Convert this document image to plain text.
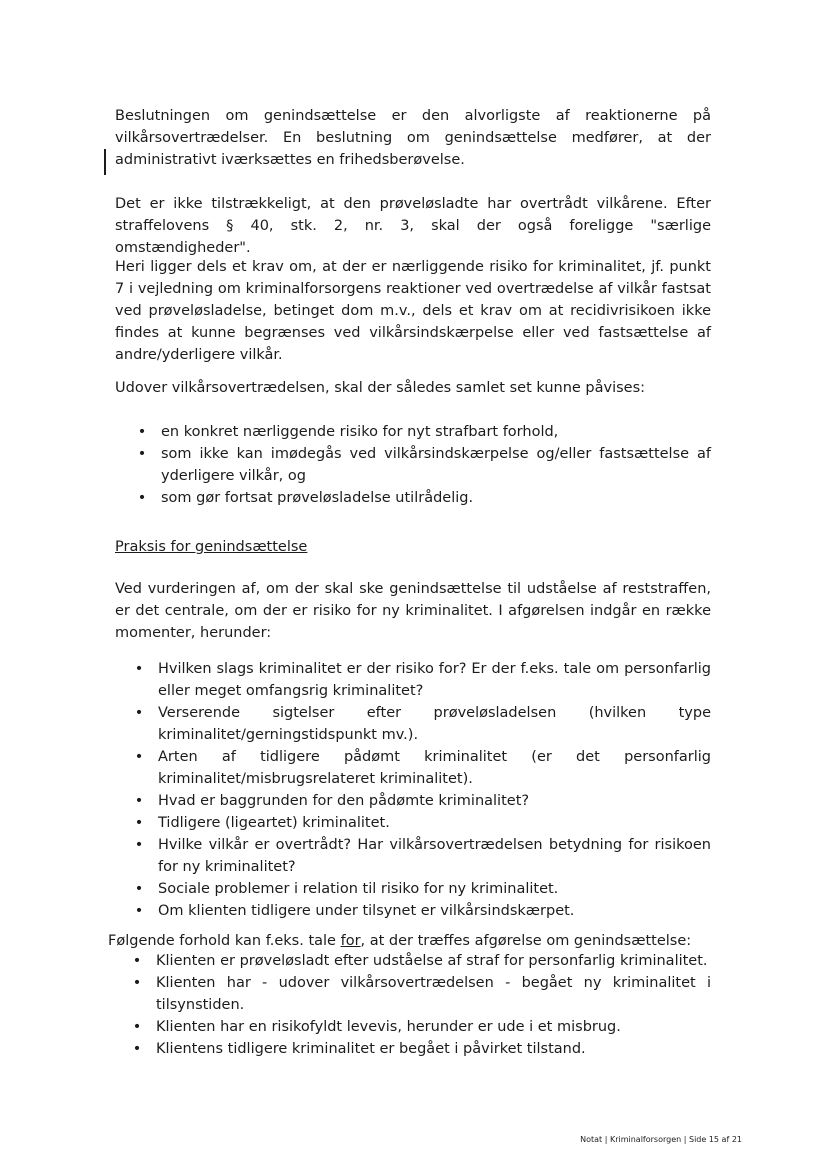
Beslutningen om genindsættelse er den alvorligste af reaktionerne på vilkårsovertrædelser. En beslutning om genindsættelse medfører, at der administrativt iværksættes en frihedsberøvelse.

Det er ikke tilstrækkeligt, at den prøveløsladte har overtrådt vilkårene. Efter straffelovens § 40, stk. 2, nr. 3, skal der også foreligge "særlige omstændigheder".

Heri ligger dels et krav om, at der er nærliggende risiko for kriminalitet, jf. punkt 7 i vejledning om kriminalforsorgens reaktioner ved overtrædelse af vilkår fastsat ved prøveløsladelse, betinget dom m.v., dels et krav om at recidivrisikoen ikke findes at kunne begrænses ved vilkårsindskærpelse eller ved fastsættelse af andre/yderligere vilkår.

Udover vilkårsovertrædelsen, skal der således samlet set kunne påvises:

• en konkret nærliggende risiko for nyt strafbart forhold,
• som ikke kan imødegås ved vilkårsindskærpelse og/eller fastsættelse af yderligere vilkår, og
• som gør fortsat prøveløsladelse utilrådelig.
Praksis for genindsættelse

Ved vurderingen af, om der skal ske genindsættelse til udståelse af reststraffen, er det centrale, om der er risiko for ny kriminalitet. I afgørelsen indgår en række momenter, herunder:

• Hvilken slags kriminalitet er der risiko for? Er der f.eks. tale om personfarlig eller meget omfangsrig kriminalitet?
• Verserende sigtelser efter prøveløsladelsen (hvilken type kriminalitet/gerningstidspunkt mv.).
• Arten af tidligere pådømt kriminalitet (er det personfarlig kriminalitet/misbrugsrelateret kriminalitet).
• Hvad er baggrunden for den pådømte kriminalitet?
• Tidligere (ligeartet) kriminalitet.
• Hvilke vilkår er overtrådt? Har vilkårsovertrædelsen betydning for risikoen for ny kriminalitet?
• Sociale problemer i relation til risiko for ny kriminalitet.
• Om klienten tidligere under tilsynet er vilkårsindskærpet.

Følgende forhold kan f.eks. tale for, at der træffes afgørelse om genindsættelse:

• Klienten er prøveløsladt efter udståelse af straf for personfarlig kriminalitet.
• Klienten har - udover vilkårsovertrædelsen - begået ny kriminalitet i tilsynstiden.
• Klienten har en risikofyldt levevis, herunder er ude i et misbrug.
• Klientens tidligere kriminalitet er begået i påvirket tilstand.
Notat | Kriminalforsorgen | Side 15 af 21
